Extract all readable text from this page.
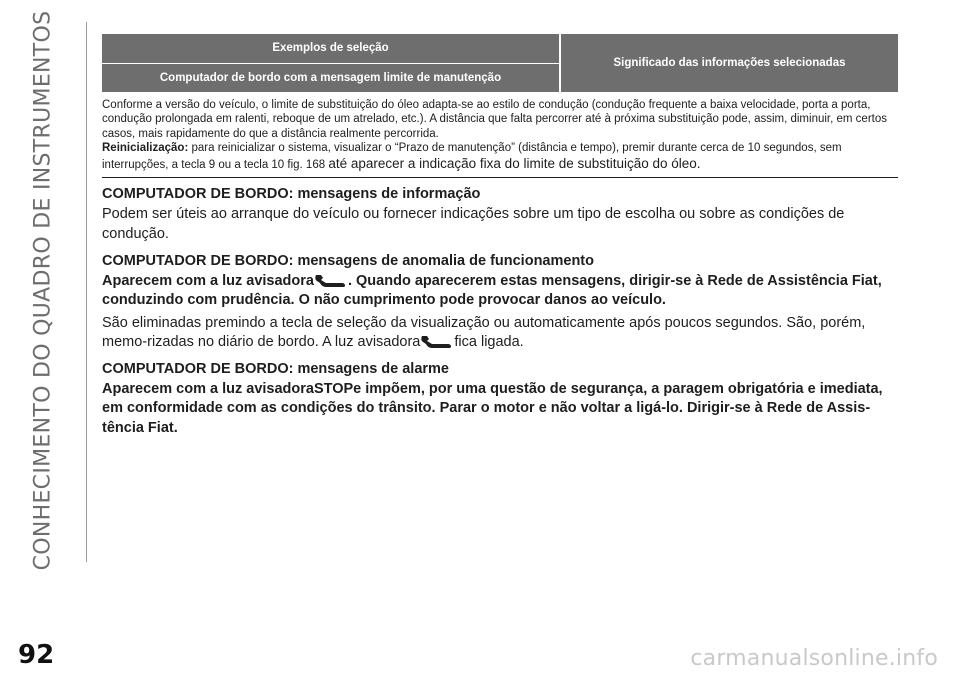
CONHECIMENTO DO QUADRO DE INSTRUMENTOS	Exemplos de seleção
Computador de bordo com a mensagem limite de manutenção
Significado das informações selecionadas
Conforme a versão do veículo, o limite de substituição do óleo adapta-se ao estilo de condução (condução frequente a baixa velocidade, porta a porta, condução prolongada em ralenti, reboque de um atrelado, etc.). A distância que falta percorrer até à próxima substituição pode, assim, diminuir, em certos casos, mais rapidamente do que a distância realmente percorrida.
Reinicialização: para reinicializar o sistema, visualizar o “Prazo de manutenção” (distância e tempo), premir durante cerca de 10 segundos, sem interrupções, a tecla 9 ou a tecla 10 fig. 168 até aparecer a indicação fixa do limite de substituição do óleo.
COMPUTADOR DE BORDO: mensagens de informação

Podem ser úteis ao arranque do veículo ou fornecer indicações sobre um tipo de escolha ou sobre as condições de condução.

COMPUTADOR DE BORDO: mensagens de anomalia de funcionamento

Aparecem com a luz avisadora . Quando aparecerem estas mensagens, dirigir-se à Rede de Assistência Fiat, conduzindo com prudência. O não cumprimento pode provocar danos ao veículo.

São eliminadas premindo a tecla de seleção da visualização ou automaticamente após poucos segundos. São, porém, memo-rizadas no diário de bordo. A luz avisadora fica ligada.

COMPUTADOR DE BORDO: mensagens de alarme

Aparecem com a luz avisadoraSTOPe impõem, por uma questão de segurança, a paragem obrigatória e imediata, em conformidade com as condições do trânsito. Parar o motor e não voltar a ligá-lo. Dirigir-se à Rede de Assis-tência Fiat.

92	carmanualsonline.info
